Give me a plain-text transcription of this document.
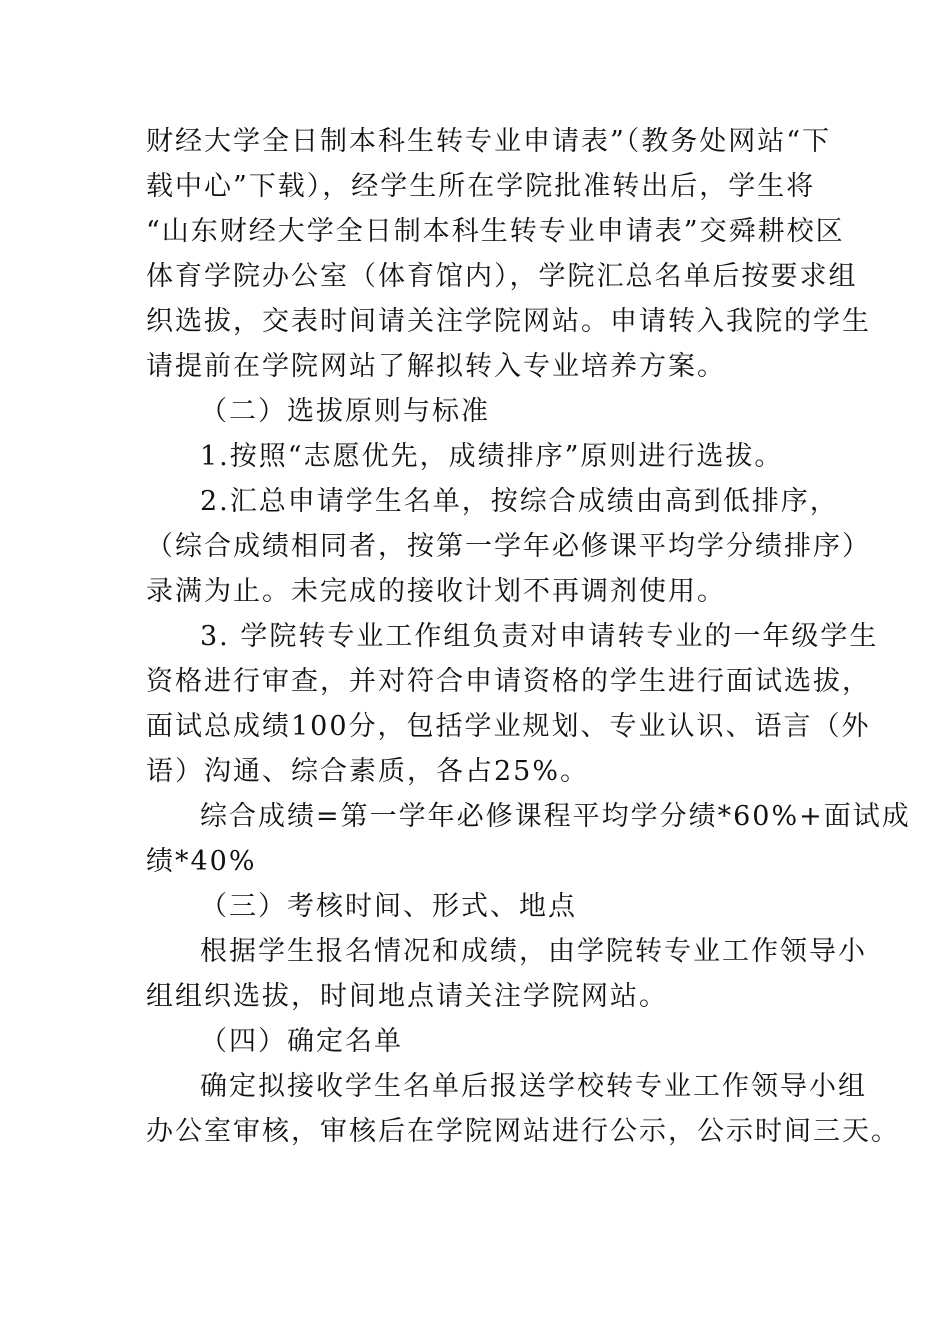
财经大学全日制本科生转专业申请表”（教务处网站“下
载中心”下载），经学生所在学院批准转出后，学生将
“山东财经大学全日制本科生转专业申请表”交舜耕校区
体育学院办公室（体育馆内），学院汇总名单后按要求组
织选拔，交表时间请关注学院网站。申请转入我院的学生
请提前在学院网站了解拟转入专业培养方案。
（二）选拔原则与标准
1.按照“志愿优先，成绩排序”原则进行选拔。
2.汇总申请学生名单，按综合成绩由高到低排序，
（综合成绩相同者，按第一学年必修课平均学分绩排序）
录满为止。未完成的接收计划不再调剂使用。
3. 学院转专业工作组负责对申请转专业的一年级学生
资格进行审查，并对符合申请资格的学生进行面试选拔，
面试总成绩100分，包括学业规划、专业认识、语言（外
语）沟通、综合素质，各占25%。
综合成绩=第一学年必修课程平均学分绩*60%+面试成
绩*40%
（三）考核时间、形式、地点
根据学生报名情况和成绩，由学院转专业工作领导小
组组织选拔，时间地点请关注学院网站。
（四）确定名单
确定拟接收学生名单后报送学校转专业工作领导小组
办公室审核，审核后在学院网站进行公示，公示时间三天。
